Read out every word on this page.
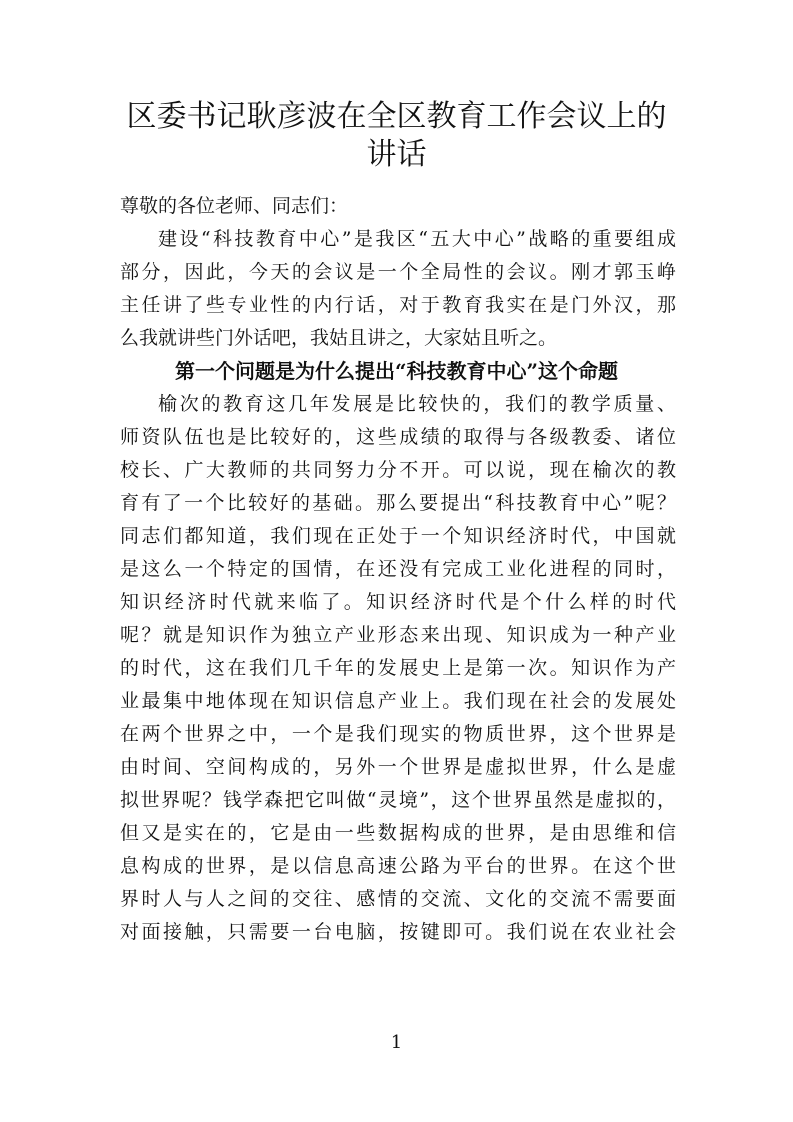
区委书记耿彦波在全区教育工作会议上的
讲话
尊敬的各位老师、同志们：
建设“科技教育中心”是我区“五大中心”战略的重要组成
部分，因此，今天的会议是一个全局性的会议。刚才郭玉峥
主任讲了些专业性的内行话，对于教育我实在是门外汉，那
么我就讲些门外话吧，我姑且讲之，大家姑且听之。
第一个问题是为什么提出“科技教育中心”这个命题
榆次的教育这几年发展是比较快的，我们的教学质量、
师资队伍也是比较好的，这些成绩的取得与各级教委、诸位
校长、广大教师的共同努力分不开。可以说，现在榆次的教
育有了一个比较好的基础。那么要提出“科技教育中心”呢？
同志们都知道，我们现在正处于一个知识经济时代，中国就
是这么一个特定的国情，在还没有完成工业化进程的同时，
知识经济时代就来临了。知识经济时代是个什么样的时代
呢？就是知识作为独立产业形态来出现、知识成为一种产业
的时代，这在我们几千年的发展史上是第一次。知识作为产
业最集中地体现在知识信息产业上。我们现在社会的发展处
在两个世界之中，一个是我们现实的物质世界，这个世界是
由时间、空间构成的，另外一个世界是虚拟世界，什么是虚
拟世界呢？钱学森把它叫做“灵境”，这个世界虽然是虚拟的，
但又是实在的，它是由一些数据构成的世界，是由思维和信
息构成的世界，是以信息高速公路为平台的世界。在这个世
界时人与人之间的交往、感情的交流、文化的交流不需要面
对面接触，只需要一台电脑，按键即可。我们说在农业社会
1
